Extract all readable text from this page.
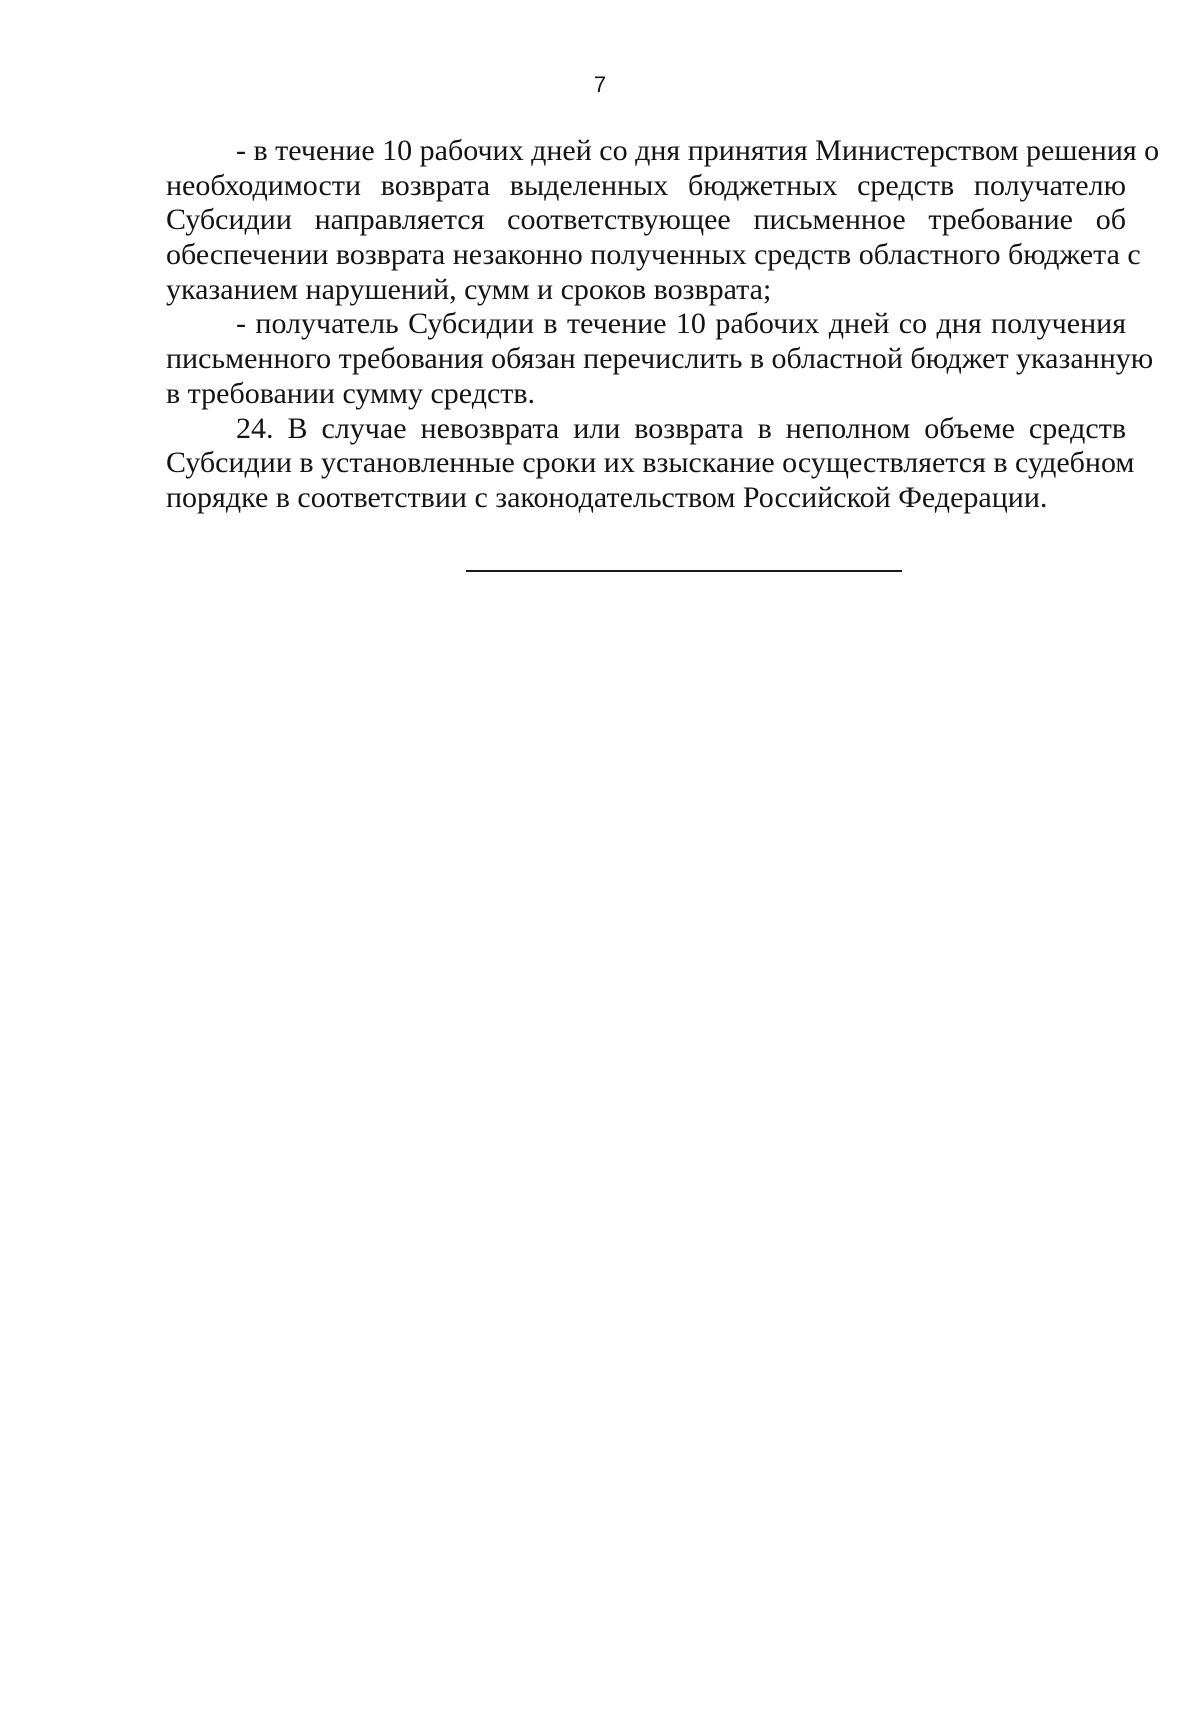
7

- в течение 10 рабочих дней со дня принятия Министерством решения о
необходимости возврата выделенных бюджетных средств получателю
Субсидии направляется соответствующее письменное требование об
обеспечении возврата незаконно полученных средств областного бюджета с
указанием нарушений, сумм и сроков возврата;

- получатель Субсидии в течение 10 рабочих дней со дня получения
письменного требования обязан перечислить в областной бюджет указанную
в требовании сумму средств.

24. В случае невозврата или возврата в неполном объеме средств
Субсидии в установленные сроки их взыскание осуществляется в судебном
порядке в соответствии с законодательством Российской Федерации.
